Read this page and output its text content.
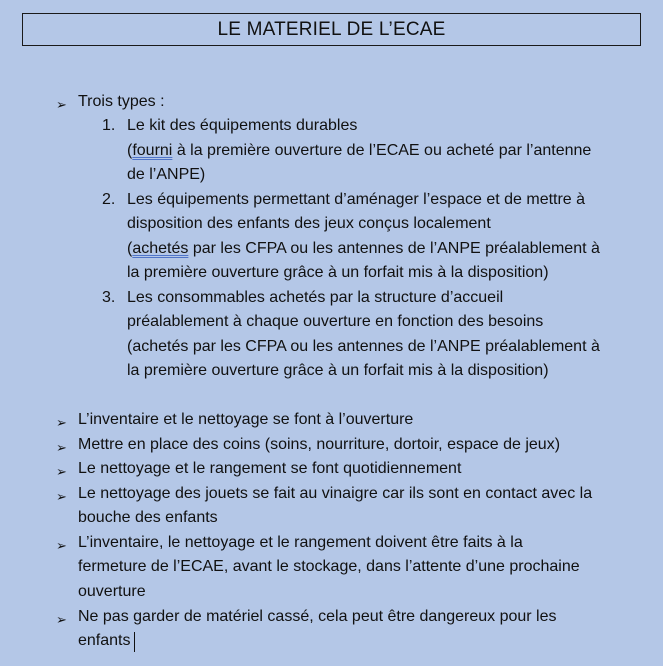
LE MATERIEL DE L’ECAE
➢ Trois types :
1. Le kit des équipements durables
(fourni à la première ouverture de l’ECAE ou acheté par l’antenne
de l’ANPE)
2. Les équipements permettant d’aménager l’espace et de mettre à
disposition des enfants des jeux conçus localement
(achetés par les CFPA ou les antennes de l’ANPE préalablement à
la première ouverture grâce à un forfait mis à la disposition)
3. Les consommables achetés par la structure d’accueil
préalablement à chaque ouverture en fonction des besoins
(achetés par les CFPA ou les antennes de l’ANPE préalablement à
la première ouverture grâce à un forfait mis à la disposition)
➢ L’inventaire et le nettoyage se font à l’ouverture
➢ Mettre en place des coins (soins, nourriture, dortoir, espace de jeux)
➢ Le nettoyage et le rangement se font quotidiennement
➢ Le nettoyage des jouets se fait au vinaigre car ils sont en contact avec la
bouche des enfants
➢ L’inventaire, le nettoyage et le rangement doivent être faits à la
fermeture de l’ECAE, avant le stockage, dans l’attente d’une prochaine
ouverture
➢ Ne pas garder de matériel cassé, cela peut être dangereux pour les
enfants
